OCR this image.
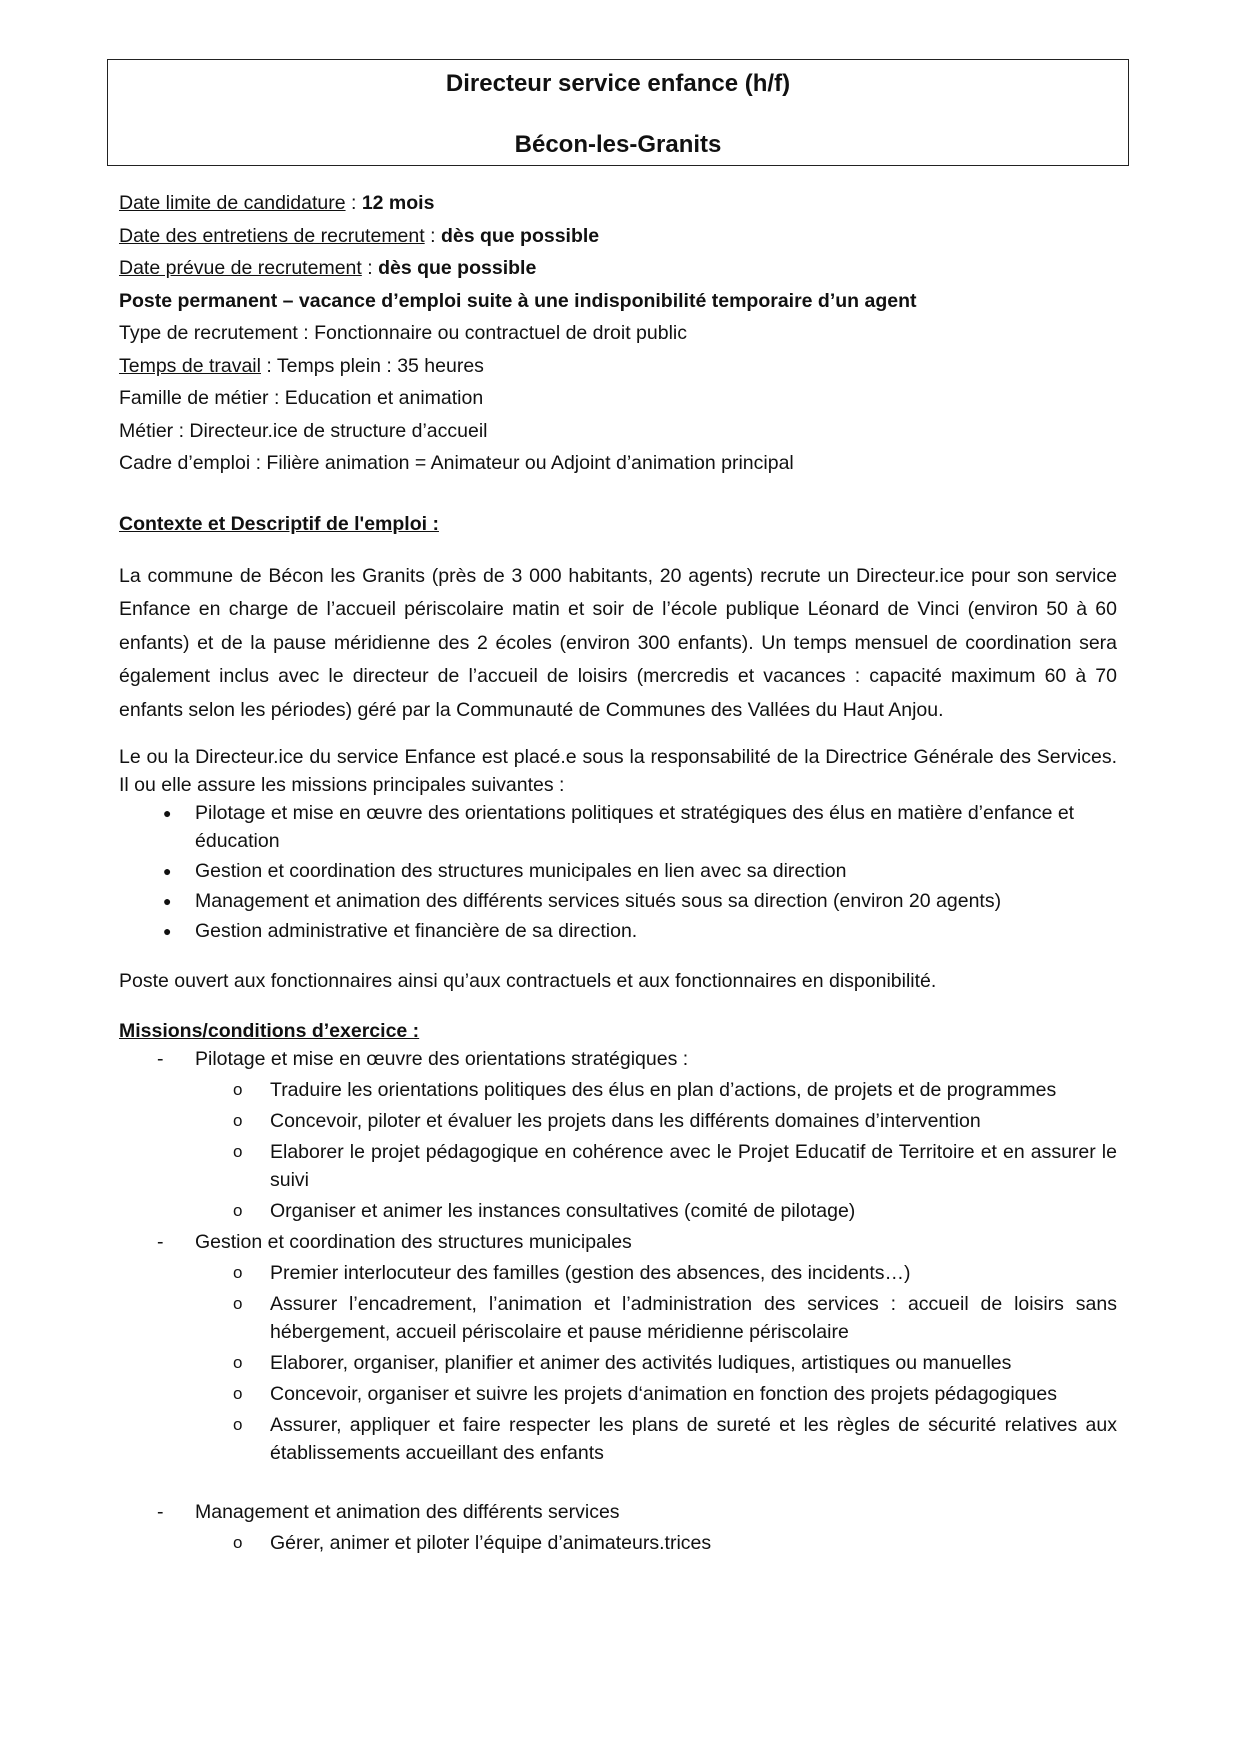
Directeur service enfance (h/f)
Bécon-les-Granits
Date limite de candidature : 12 mois
Date des entretiens de recrutement : dès que possible
Date prévue de recrutement : dès que possible
Poste permanent – vacance d’emploi suite à une indisponibilité temporaire d’un agent
Type de recrutement : Fonctionnaire ou contractuel de droit public
Temps de travail : Temps plein : 35 heures
Famille de métier : Education et animation
Métier : Directeur.ice de structure d’accueil
Cadre d’emploi : Filière animation = Animateur ou Adjoint d’animation principal
Contexte et Descriptif de l'emploi :
La commune de Bécon les Granits (près de 3 000 habitants, 20 agents) recrute un Directeur.ice pour son service Enfance en charge de l’accueil périscolaire matin et soir de l’école publique Léonard de Vinci (environ 50 à 60 enfants) et de la pause méridienne des 2 écoles (environ 300 enfants). Un temps mensuel de coordination sera également inclus avec le directeur de l’accueil de loisirs (mercredis et vacances : capacité maximum 60 à 70 enfants selon les périodes) géré par la Communauté de Communes des Vallées du Haut Anjou.
Le ou la Directeur.ice du service Enfance est placé.e sous la responsabilité de la Directrice Générale des Services. Il ou elle assure les missions principales suivantes :
● Pilotage et mise en œuvre des orientations politiques et stratégiques des élus en matière d’enfance et éducation
● Gestion et coordination des structures municipales en lien avec sa direction
● Management et animation des différents services situés sous sa direction (environ 20 agents)
● Gestion administrative et financière de sa direction.
Poste ouvert aux fonctionnaires ainsi qu’aux contractuels et aux fonctionnaires en disponibilité.
Missions/conditions d’exercice :
- Pilotage et mise en œuvre des orientations stratégiques :
o Traduire les orientations politiques des élus en plan d’actions, de projets et de programmes
o Concevoir, piloter et évaluer les projets dans les différents domaines d’intervention
o Elaborer le projet pédagogique en cohérence avec le Projet Educatif de Territoire et en assurer le suivi
o Organiser et animer les instances consultatives (comité de pilotage)
- Gestion et coordination des structures municipales
o Premier interlocuteur des familles (gestion des absences, des incidents…)
o Assurer l’encadrement, l’animation et l’administration des services : accueil de loisirs sans hébergement, accueil périscolaire et pause méridienne périscolaire
o Elaborer, organiser, planifier et animer des activités ludiques, artistiques ou manuelles
o Concevoir, organiser et suivre les projets d‘animation en fonction des projets pédagogiques
o Assurer, appliquer et faire respecter les plans de sureté et les règles de sécurité relatives aux établissements accueillant des enfants
- Management et animation des différents services
o Gérer, animer et piloter l’équipe d’animateurs.trices
